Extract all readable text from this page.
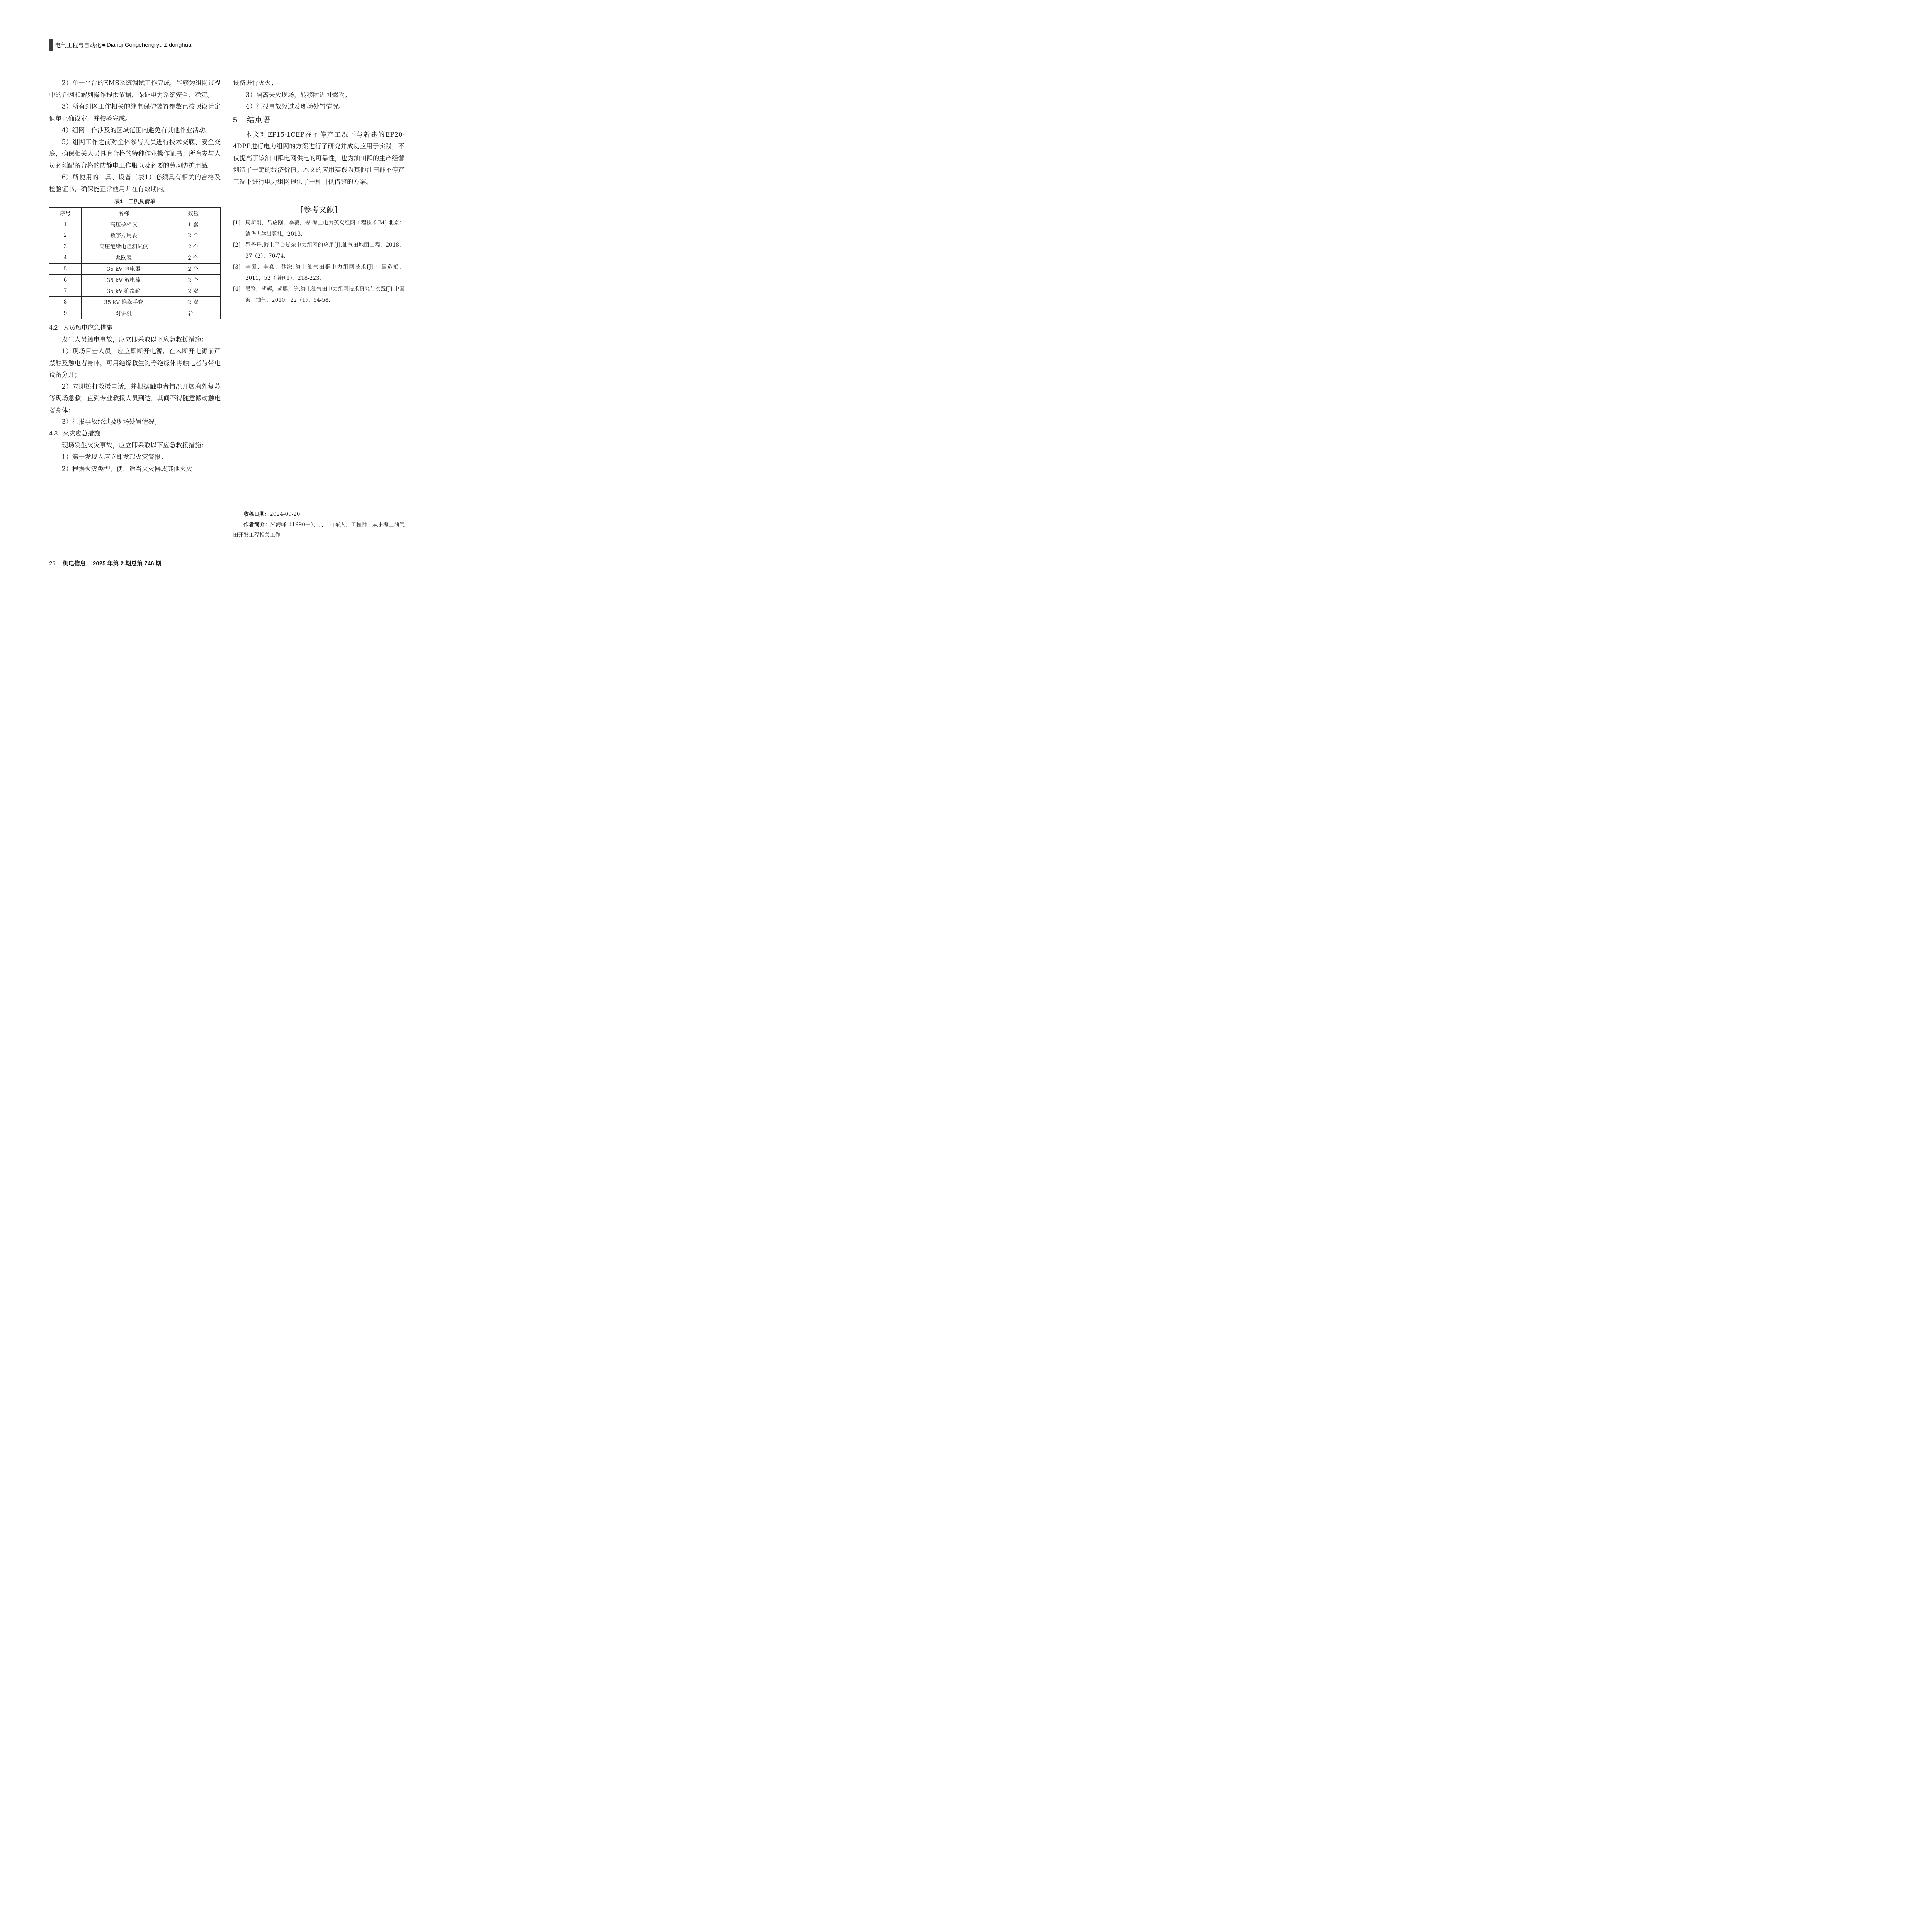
电气工程与自动化 ◆ Dianqi Gongcheng yu Zidonghua

2）单一平台的EMS系统调试工作完成，能够为组网过程中的并网和解列操作提供依据，保证电力系统安全、稳定。

3）所有组网工作相关的继电保护装置参数已按照设计定值单正确设定，并校验完成。

4）组网工作涉及的区域范围内避免有其他作业活动。

5）组网工作之前对全体参与人员进行技术交底、安全交底，确保相关人员具有合格的特种作业操作证书；所有参与人员必须配备合格的防静电工作服以及必要的劳动防护用品。

6）所使用的工具、设备（表1）必须具有相关的合格及检验证书，确保能正常使用并在有效期内。

表1　工机具清单
序号	名称	数量
1	高压核相仪	1 套
2	数字万用表	2 个
3	高压绝缘电阻测试仪	2 个
4	兆欧表	2 个
5	35 kV 验电器	2 个
6	35 kV 放电棒	2 个
7	35 kV 绝缘靴	2 双
8	35 kV 绝缘手套	2 双
9	对讲机	若干
4.2 人员触电应急措施

发生人员触电事故，应立即采取以下应急救援措施：

1）现场目击人员，应立即断开电源，在未断开电源前严禁触及触电者身体，可用绝缘救生钩等绝缘体将触电者与带电设备分开；

2）立即拨打救援电话，并根据触电者情况开展胸外复苏等现场急救，直到专业救援人员到达，其间不得随意搬动触电者身体；

3）汇报事故经过及现场处置情况。

4.3 火灾应急措施

现场发生火灾事故，应立即采取以下应急救援措施：

1）第一发现人应立即发起火灾警报；

2）根据火灾类型，使用适当灭火器或其他灭火

设备进行灭火；

3）隔离失火现场，转移附近可燃物；

4）汇报事故经过及现场处置情况。

5 结束语

本文对EP15-1CEP在不停产工况下与新建的EP20-4DPP进行电力组网的方案进行了研究并成功应用于实践，不仅提高了该油田群电网供电的可靠性，也为油田群的生产经营创造了一定的经济价值。本文的应用实践为其他油田群不停产工况下进行电力组网提供了一种可供借鉴的方案。

[参考文献]
[1] 周新刚，吕应刚，李毅，等.海上电力孤岛组网工程技术[M].北京：清华大学出版社，2013.
[2] 瞿丹丹.海上平台复杂电力组网的应用[J].油气田地面工程，2018，37（2）：70-74.
[3] 李强，李鑫，魏澈.海上油气田群电力组网技术[J].中国造船，2011，52（增刊1）：218-223.
[4] 吴锋，胡辉，胡鹏，等.海上油气田电力组网技术研究与实践[J].中国海上油气，2010，22（1）：54-58.
收稿日期：2024-09-20
作者简介：朱海峰（1990—），男，山东人，工程师，从事海上油气田开发工程相关工作。
26 机电信息 2025 年第 2 期总第 746 期
